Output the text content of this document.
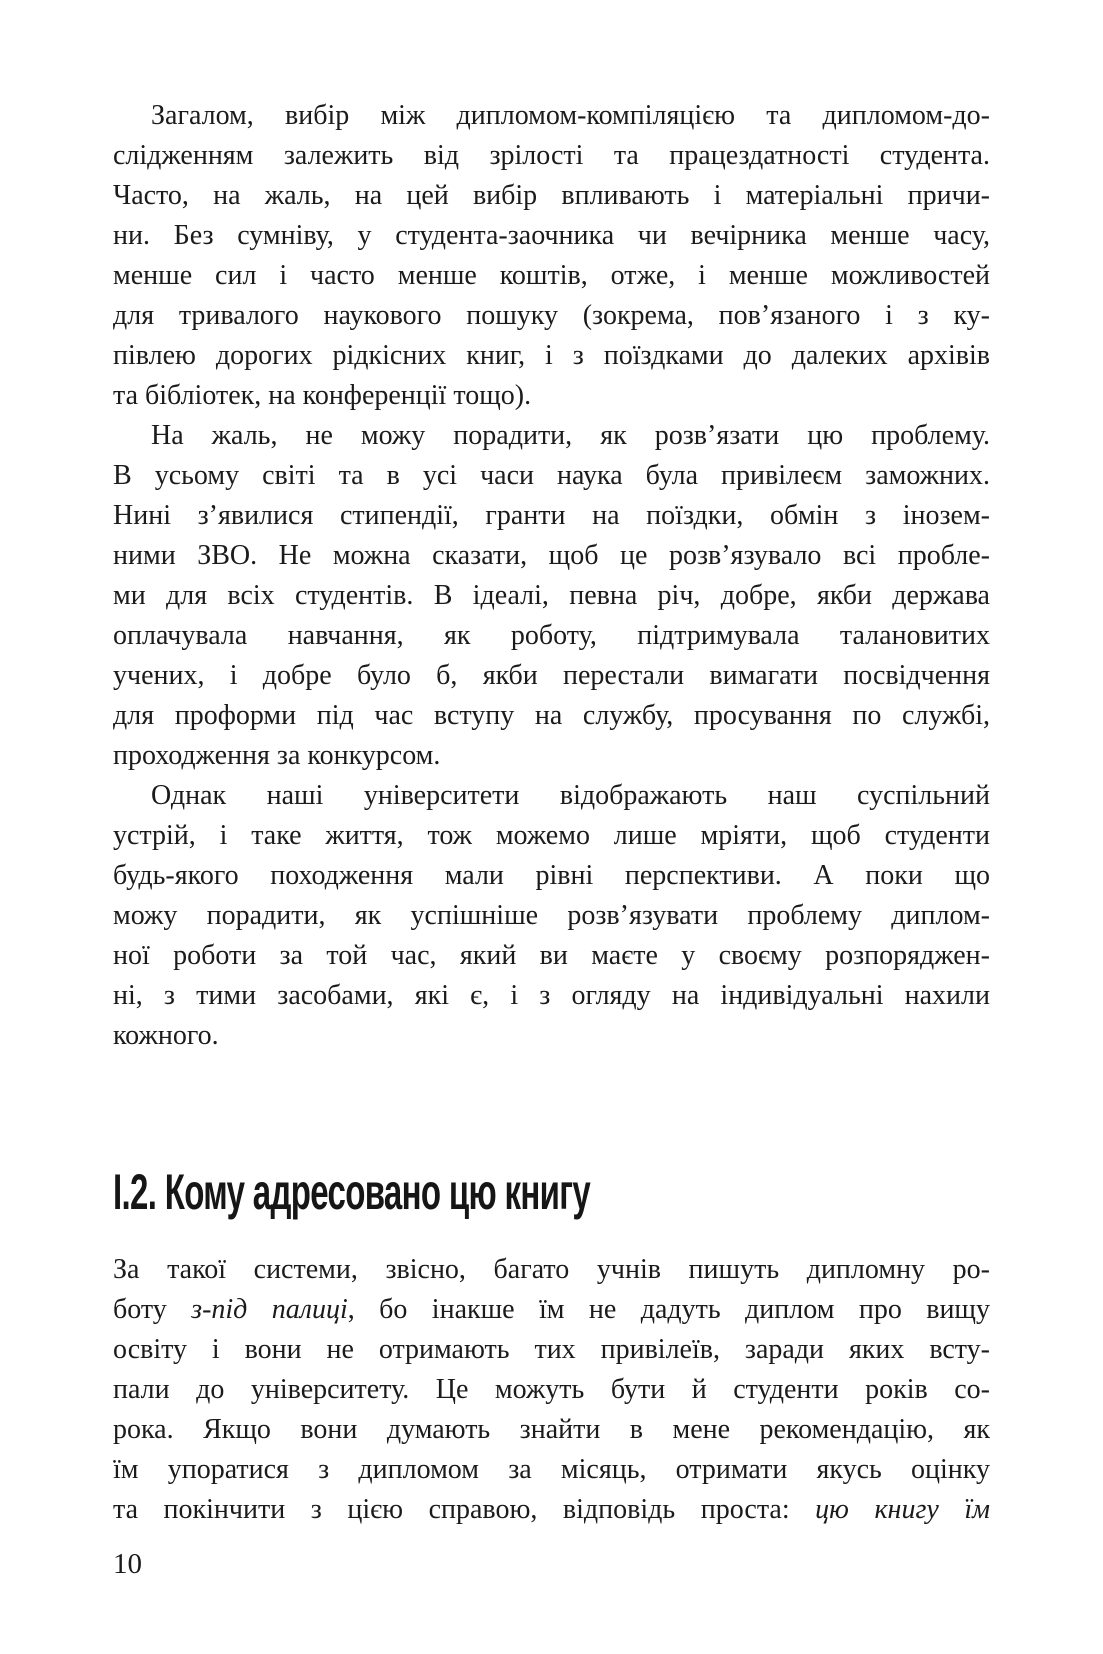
Загалом, вибір між дипломом-компіляцією та дипломом-до-
слідженням залежить від зрілості та працездатності студента.
Часто, на жаль, на цей вибір впливають і матеріальні причи-
ни. Без сумніву, у студента-заочника чи вечірника менше часу,
менше сил і часто менше коштів, отже, і менше можливостей
для тривалого наукового пошуку (зокрема, пов’язаного і з ку-
півлею дорогих рідкісних книг, і з поїздками до далеких архівів
та бібліотек, на конференції тощо).
На жаль, не можу порадити, як розв’язати цю проблему.
В усьому світі та в усі часи наука була привілеєм заможних.
Нині з’явилися стипендії, гранти на поїздки, обмін з інозем-
ними ЗВО. Не можна сказати, щоб це розв’язувало всі пробле-
ми для всіх студентів. В ідеалі, певна річ, добре, якби держава
оплачувала навчання, як роботу, підтримувала талановитих
учених, і добре було б, якби перестали вимагати посвідчення
для проформи під час вступу на службу, просування по службі,
проходження за конкурсом.
Однак наші університети відображають наш суспільний
устрій, і таке життя, тож можемо лише мріяти, щоб студенти
будь-якого походження мали рівні перспективи. А поки що
можу порадити, як успішніше розв’язувати проблему диплом-
ної роботи за той час, який ви маєте у своєму розпоряджен-
ні, з тими засобами, які є, і з огляду на індивідуальні нахили
кожного.
І.2. Кому адресовано цю книгу
За такої системи, звісно, багато учнів пишуть дипломну ро-
боту з-під палиці, бо інакше їм не дадуть диплом про вищу
освіту і вони не отримають тих привілеїв, заради яких всту-
пали до університету. Це можуть бути й студенти років со-
рока. Якщо вони думають знайти в мене рекомендацію, як
їм упоратися з дипломом за місяць, отримати якусь оцінку
та покінчити з цією справою, відповідь проста: цю книгу їм
10
